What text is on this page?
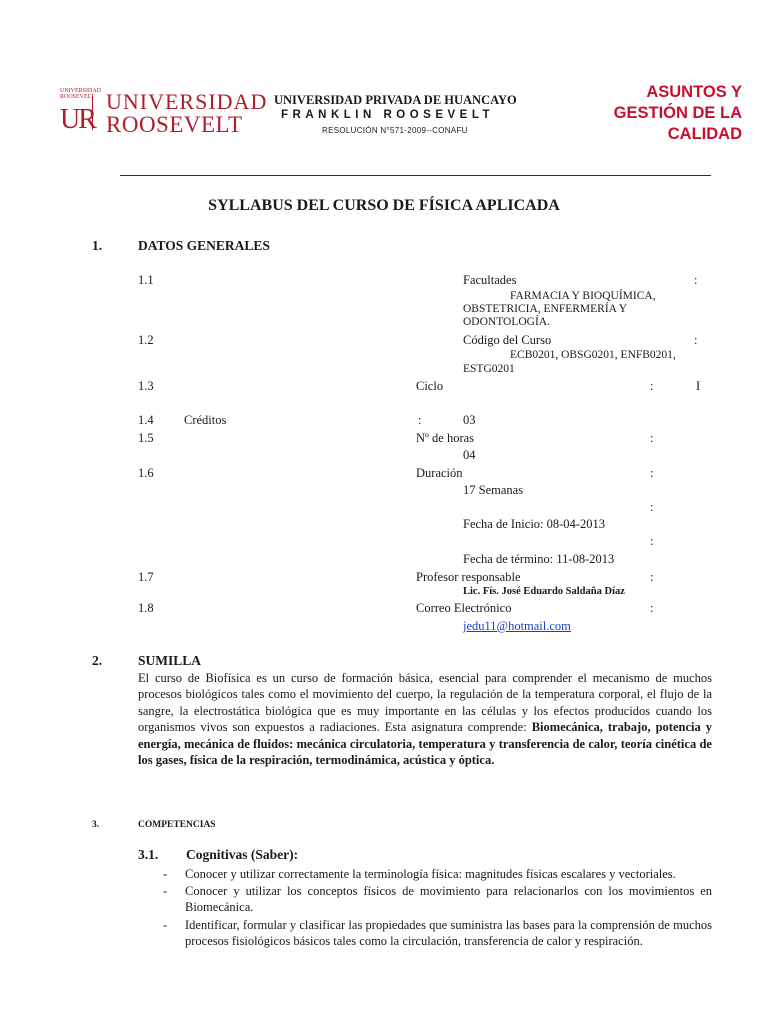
UNIVERSIDAD
ROOSEVELT
UR
UNIVERSIDAD
ROOSEVELT
UNIVERSIDAD PRIVADA DE HUANCAYO
FRANKLIN ROOSEVELT
RESOLUCIÓN N°571-2009--CONAFU
ASUNTOS Y
GESTIÓN DE LA
CALIDAD
SYLLABUS DEL CURSO DE FÍSICA APLICADA
1.	DATOS GENERALES
1.1	Facultades	:
FARMACIA Y BIOQUÍMICA,
OBSTETRICIA, ENFERMERÍA Y
ODONTOLOGÍA.
1.2	Código del Curso	:
ECB0201, OBSG0201, ENFB0201,
ESTG0201
1.3	Ciclo	:	I
1.4 Créditos	:	03
1.5	Nº de horas	:
04
1.6	Duración	:
17 Semanas
:
Fecha de Inicio: 08-04-2013
:
Fecha de término: 11-08-2013
1.7	Profesor responsable	:
Lic. Fís. José Eduardo Saldaña Díaz
1.8	Correo Electrónico	:
jedu11@hotmail.com
2.	SUMILLA
El curso de Biofísica es un curso de formación básica, esencial para comprender el mecanismo de muchos procesos biológicos tales como el movimiento del cuerpo, la regulación de la temperatura corporal, el flujo de la sangre, la electrostática biológica que es muy importante en las células y los efectos producidos cuando los organismos vivos son expuestos a radiaciones. Esta asignatura comprende: Biomecánica, trabajo, potencia y energía, mecánica de fluidos: mecánica circulatoria, temperatura y transferencia de calor, teoría cinética de los gases, física de la respiración, termodinámica, acústica y óptica.
3.	COMPETENCIAS
3.1. Cognitivas (Saber):
- Conocer y utilizar correctamente la terminología física: magnitudes físicas escalares y vectoriales.
- Conocer y utilizar los conceptos físicos de movimiento para relacionarlos con los movimientos en Biomecánica.
- Identificar, formular y clasificar las propiedades que suministra las bases para la comprensión de muchos procesos fisiológicos básicos tales como la circulación, transferencia de calor y respiración.
